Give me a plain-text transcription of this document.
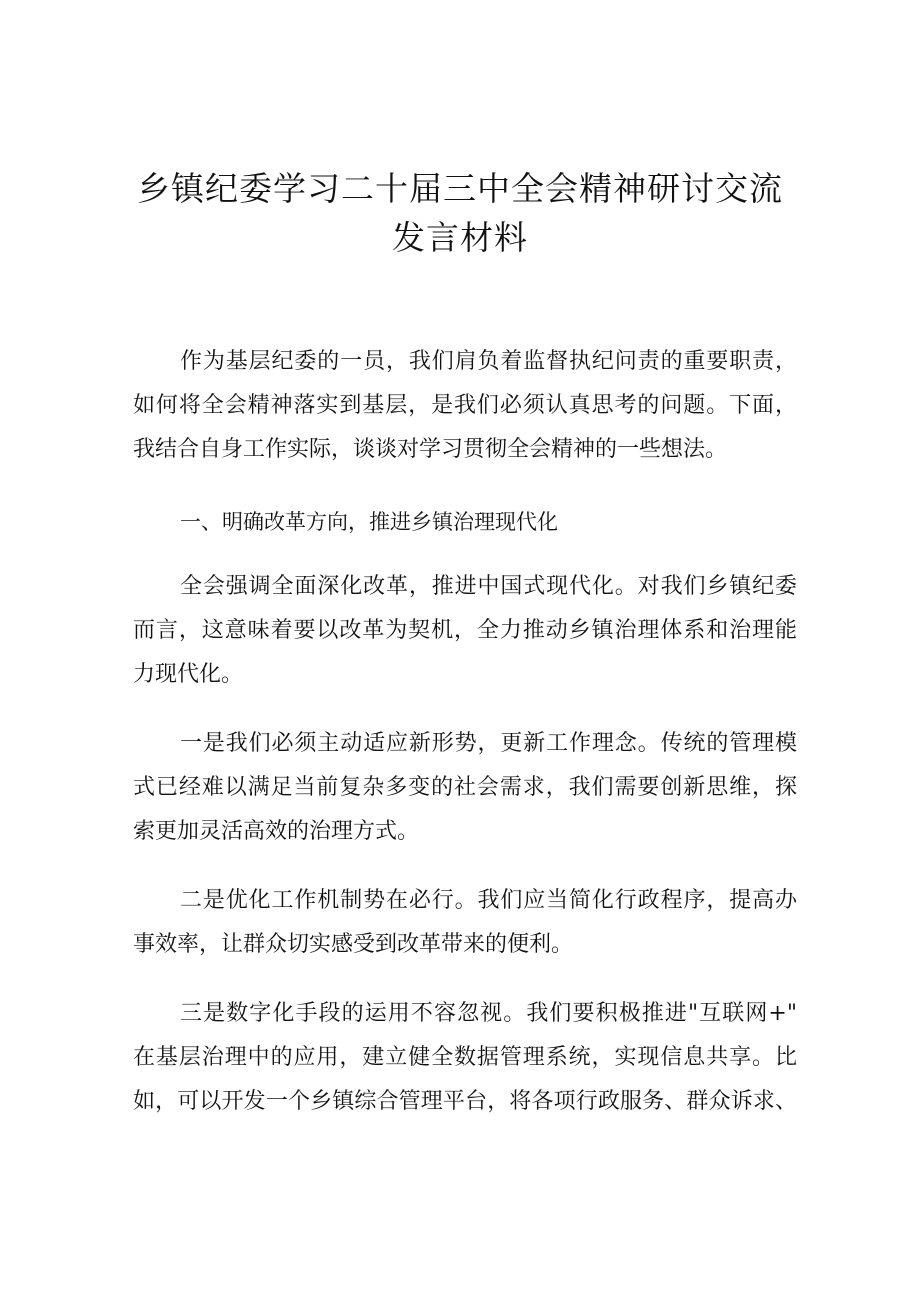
乡镇纪委学习二十届三中全会精神研讨交流
发言材料
作为基层纪委的一员，我们肩负着监督执纪问责的重要职责，
如何将全会精神落实到基层，是我们必须认真思考的问题。下面，
我结合自身工作实际，谈谈对学习贯彻全会精神的一些想法。
一、明确改革方向，推进乡镇治理现代化
全会强调全面深化改革，推进中国式现代化。对我们乡镇纪委
而言，这意味着要以改革为契机，全力推动乡镇治理体系和治理能
力现代化。
一是我们必须主动适应新形势，更新工作理念。传统的管理模
式已经难以满足当前复杂多变的社会需求，我们需要创新思维，探
索更加灵活高效的治理方式。
二是优化工作机制势在必行。我们应当简化行政程序，提高办
事效率，让群众切实感受到改革带来的便利。
三是数字化手段的运用不容忽视。我们要积极推进"互联网+"
在基层治理中的应用，建立健全数据管理系统，实现信息共享。比
如，可以开发一个乡镇综合管理平台，将各项行政服务、群众诉求、
